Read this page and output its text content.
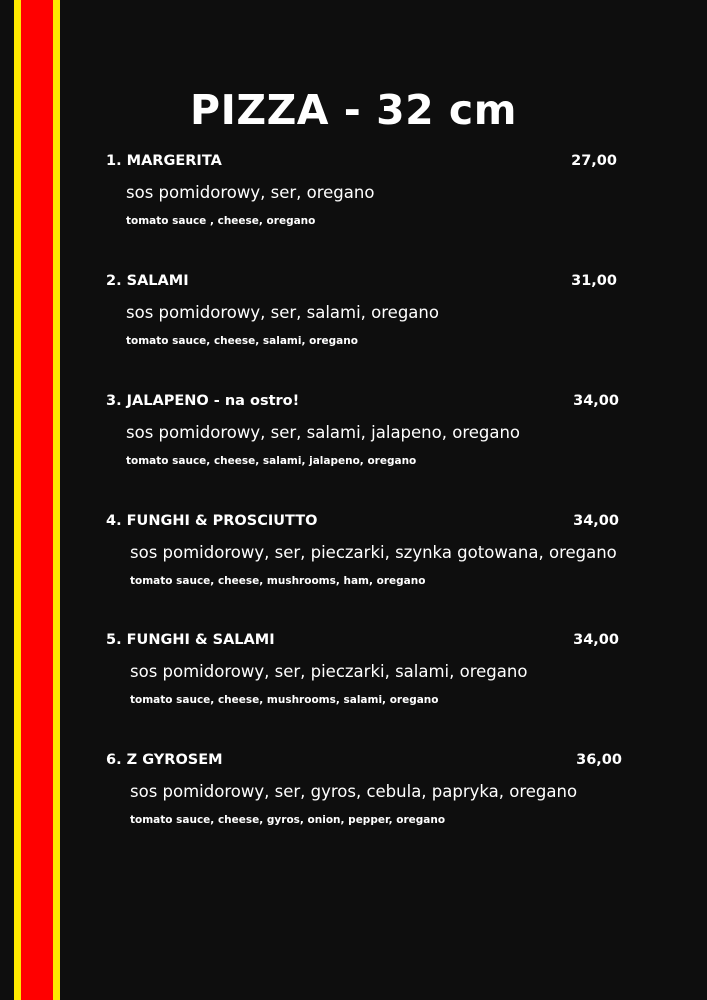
PIZZA - 32 cm
1. MARGERITA	27,00
sos pomidorowy, ser, oregano
tomato sauce , cheese, oregano
2. SALAMI	31,00
sos pomidorowy, ser, salami, oregano
tomato sauce, cheese, salami, oregano
3. JALAPENO - na ostro!	34,00
sos pomidorowy, ser, salami, jalapeno, oregano
tomato sauce, cheese, salami, jalapeno, oregano
4. FUNGHI & PROSCIUTTO	34,00
sos pomidorowy, ser, pieczarki, szynka gotowana, oregano
tomato sauce, cheese, mushrooms, ham, oregano
5. FUNGHI & SALAMI	34,00
sos pomidorowy, ser, pieczarki, salami, oregano
tomato sauce, cheese, mushrooms, salami, oregano
6. Z GYROSEM	36,00
sos pomidorowy, ser, gyros, cebula, papryka, oregano
tomato sauce, cheese, gyros, onion, pepper, oregano
